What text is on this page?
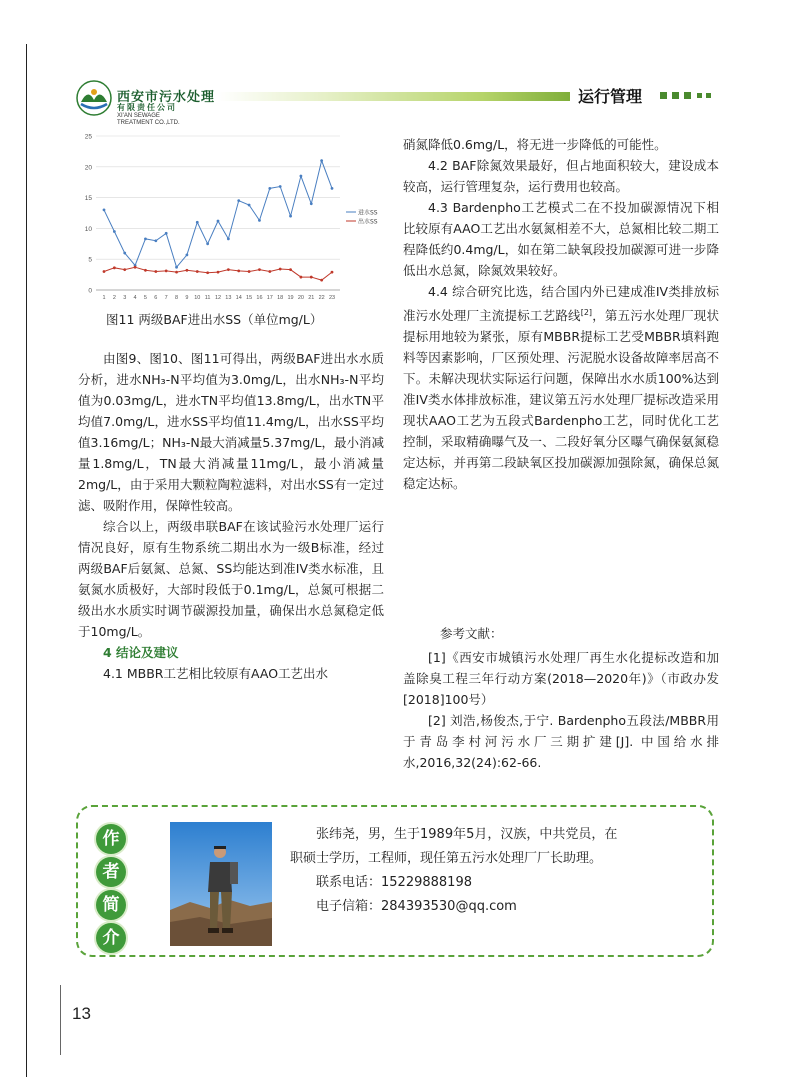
西安市污水处理
有限责任公司
XI'AN SEWAGE
TREATMENT CO.,LTD.
运行管理
0
5
10
15
20
25
1 2 3 4 5 6 7 8 9 10 11 12 13 14 15 16 17 18 19 20 21 22 23
进水SS
出水SS
图11 两级BAF进出水SS（单位mg/L）

由图9、图10、图11可得出，两级BAF进出水水质分析，进水NH₃-N平均值为3.0mg/L，出水NH₃-N平均值为0.03mg/L，进水TN平均值13.8mg/L，出水TN平均值7.0mg/L，进水SS平均值11.4mg/L，出水SS平均值3.16mg/L；NH₃-N最大消减量5.37mg/L，最小消减量1.8mg/L，TN最大消减量11mg/L，最小消减量2mg/L，由于采用大颗粒陶粒滤料，对出水SS有一定过滤、吸附作用，保障性较高。

综合以上，两级串联BAF在该试验污水处理厂运行情况良好，原有生物系统二期出水为一级B标准，经过两级BAF后氨氮、总氮、SS均能达到准IV类水标准，且氨氮水质极好，大部时段低于0.1mg/L，总氮可根据二级出水水质实时调节碳源投加量，确保出水总氮稳定低于10mg/L。

4 结论及建议

4.1 MBBR工艺相比较原有AAO工艺出水

硝氮降低0.6mg/L，将无进一步降低的可能性。

4.2 BAF除氮效果最好，但占地面积较大，建设成本较高，运行管理复杂，运行费用也较高。

4.3 Bardenpho工艺模式二在不投加碳源情况下相比较原有AAO工艺出水氨氮相差不大，总氮相比较二期工程降低约0.4mg/L，如在第二缺氧段投加碳源可进一步降低出水总氮，除氮效果较好。

4.4 综合研究比选，结合国内外已建成准IV类排放标准污水处理厂主流提标工艺路线[2]，第五污水处理厂现状提标用地较为紧张，原有MBBR提标工艺受MBBR填料跑料等因素影响，厂区预处理、污泥脱水设备故障率居高不下。未解决现状实际运行问题，保障出水水质100%达到准IV类水体排放标准，建议第五污水处理厂提标改造采用现状AAO工艺为五段式Bardenpho工艺，同时优化工艺控制，采取精确曝气及一、二段好氧分区曝气确保氨氮稳定达标，并再第二段缺氧区投加碳源加强除氮，确保总氮稳定达标。

参考文献：

[1]《西安市城镇污水处理厂再生水化提标改造和加盖除臭工程三年行动方案(2018—2020年)》（市政办发[2018]100号）

[2] 刘浩,杨俊杰,于宁. Bardenpho五段法/MBBR用于青岛李村河污水厂三期扩建[J]. 中国给水排水,2016,32(24):62-66.

作
者
简
介

张纬尧，男，生于1989年5月，汉族，中共党员，在

职硕士学历，工程师，现任第五污水处理厂厂长助理。

联系电话：15229888198

电子信箱：284393530@qq.com

13
